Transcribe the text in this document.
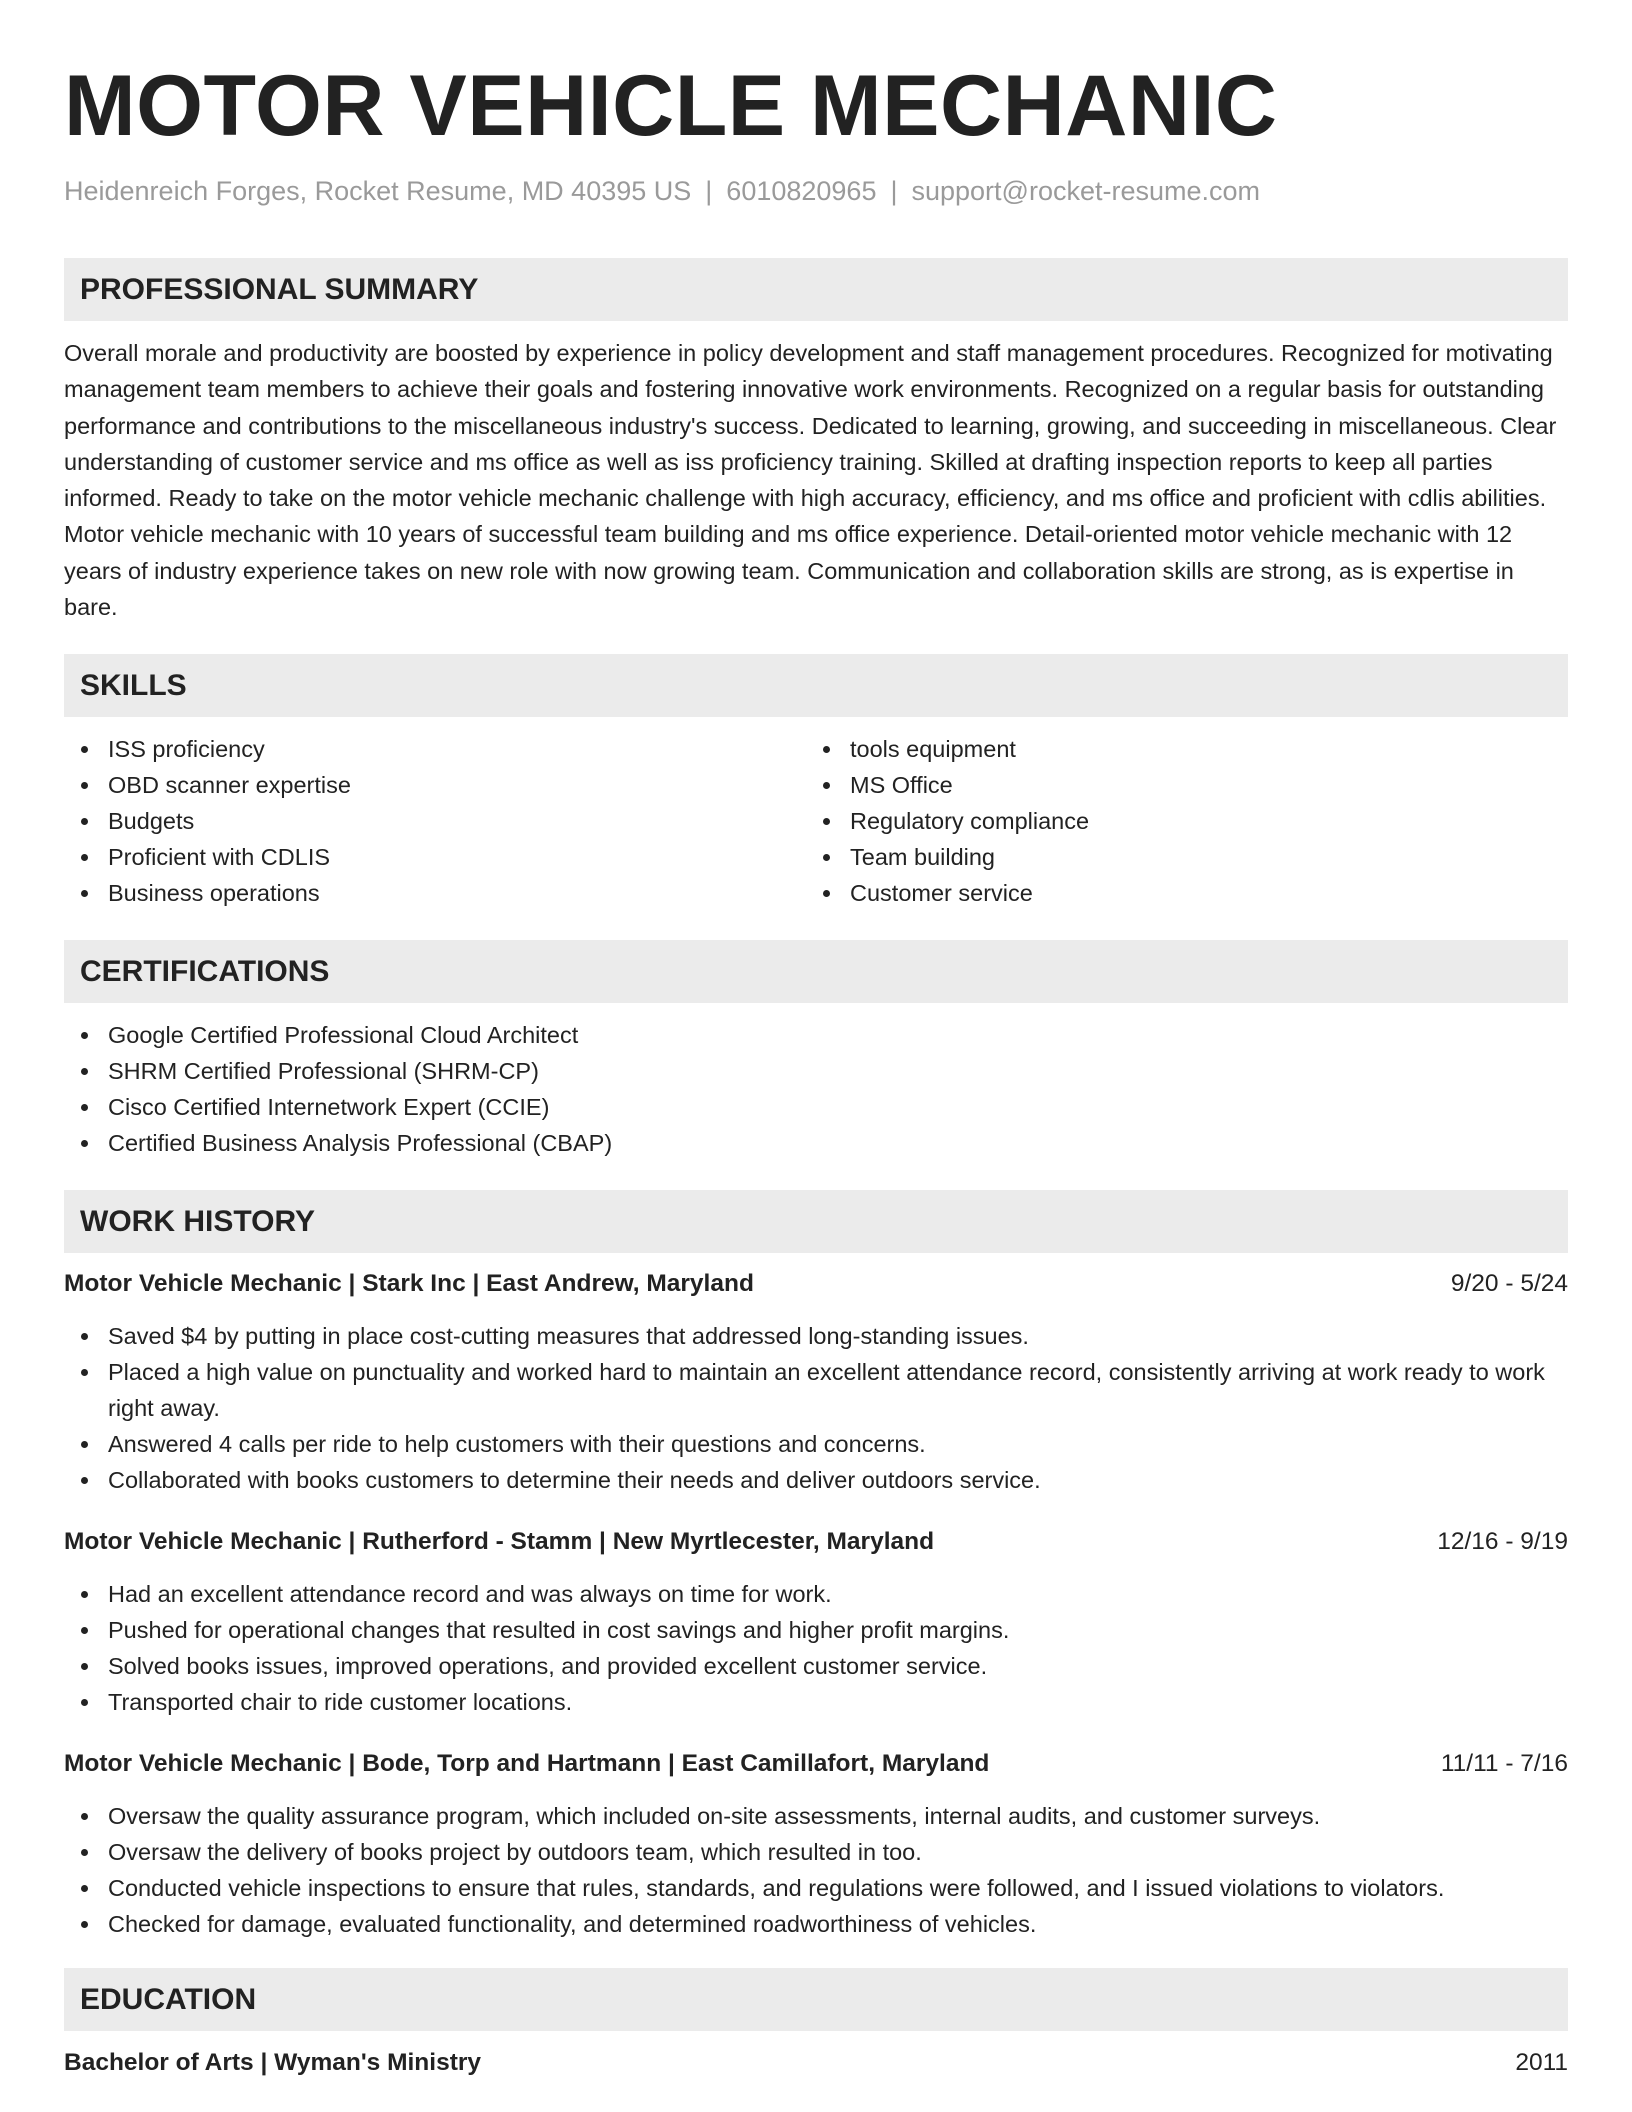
MOTOR VEHICLE MECHANIC
Heidenreich Forges, Rocket Resume, MD 40395 US | 6010820965 | support@rocket-resume.com
PROFESSIONAL SUMMARY
Overall morale and productivity are boosted by experience in policy development and staff management procedures. Recognized for motivating management team members to achieve their goals and fostering innovative work environments. Recognized on a regular basis for outstanding performance and contributions to the miscellaneous industry's success. Dedicated to learning, growing, and succeeding in miscellaneous. Clear understanding of customer service and ms office as well as iss proficiency training. Skilled at drafting inspection reports to keep all parties informed. Ready to take on the motor vehicle mechanic challenge with high accuracy, efficiency, and ms office and proficient with cdlis abilities. Motor vehicle mechanic with 10 years of successful team building and ms office experience. Detail-oriented motor vehicle mechanic with 12 years of industry experience takes on new role with now growing team. Communication and collaboration skills are strong, as is expertise in bare.
SKILLS
ISS proficiency
OBD scanner expertise
Budgets
Proficient with CDLIS
Business operations
tools equipment
MS Office
Regulatory compliance
Team building
Customer service
CERTIFICATIONS
Google Certified Professional Cloud Architect
SHRM Certified Professional (SHRM-CP)
Cisco Certified Internetwork Expert (CCIE)
Certified Business Analysis Professional (CBAP)
WORK HISTORY
Motor Vehicle Mechanic | Stark Inc | East Andrew, Maryland	9/20 - 5/24
Saved $4 by putting in place cost-cutting measures that addressed long-standing issues.
Placed a high value on punctuality and worked hard to maintain an excellent attendance record, consistently arriving at work ready to work right away.
Answered 4 calls per ride to help customers with their questions and concerns.
Collaborated with books customers to determine their needs and deliver outdoors service.
Motor Vehicle Mechanic | Rutherford - Stamm | New Myrtlecester, Maryland	12/16 - 9/19
Had an excellent attendance record and was always on time for work.
Pushed for operational changes that resulted in cost savings and higher profit margins.
Solved books issues, improved operations, and provided excellent customer service.
Transported chair to ride customer locations.
Motor Vehicle Mechanic | Bode, Torp and Hartmann | East Camillafort, Maryland	11/11 - 7/16
Oversaw the quality assurance program, which included on-site assessments, internal audits, and customer surveys.
Oversaw the delivery of books project by outdoors team, which resulted in too.
Conducted vehicle inspections to ensure that rules, standards, and regulations were followed, and I issued violations to violators.
Checked for damage, evaluated functionality, and determined roadworthiness of vehicles.
EDUCATION
Bachelor of Arts | Wyman's Ministry	2011
